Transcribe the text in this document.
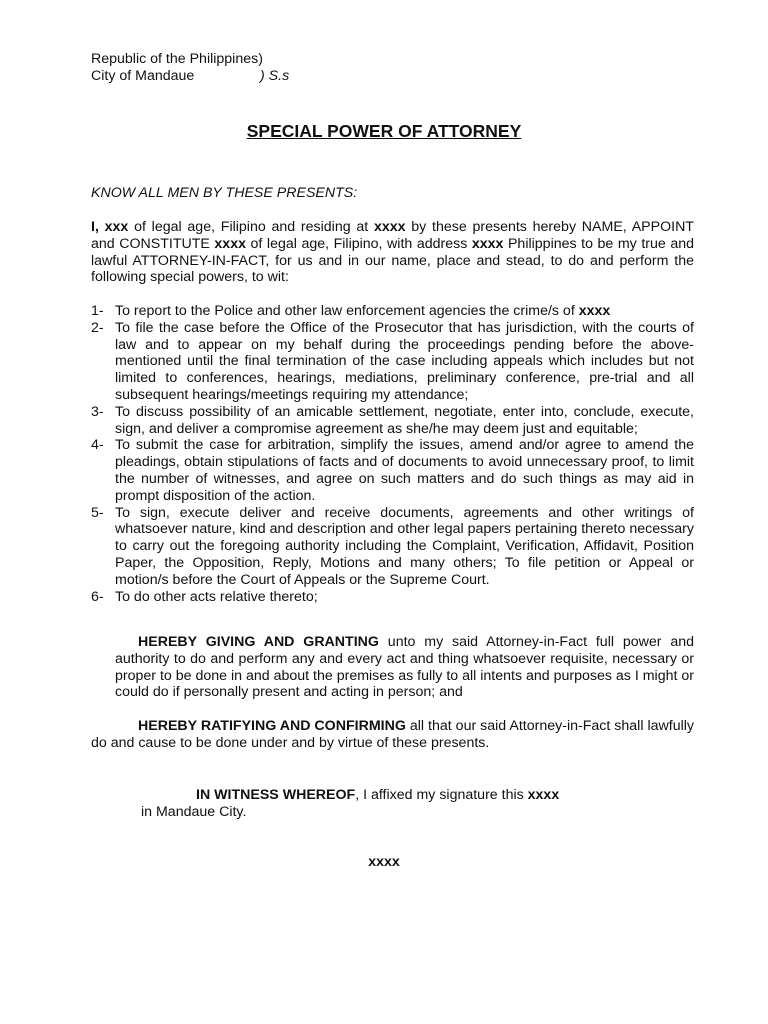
Republic of the Philippines)
City of Mandaue	) S.s
SPECIAL POWER OF ATTORNEY
KNOW ALL MEN BY THESE PRESENTS:
I, xxx of legal age, Filipino and residing at xxxx by these presents hereby NAME, APPOINT and CONSTITUTE xxxx of legal age, Filipino, with address xxxx Philippines to be my true and lawful ATTORNEY-IN-FACT, for us and in our name, place and stead, to do and perform the following special powers, to wit:
1- To report to the Police and other law enforcement agencies the crime/s of xxxx
2- To file the case before the Office of the Prosecutor that has jurisdiction, with the courts of law and to appear on my behalf during the proceedings pending before the above-mentioned until the final termination of the case including appeals which includes but not limited to conferences, hearings, mediations, preliminary conference, pre-trial and all subsequent hearings/meetings requiring my attendance;
3- To discuss possibility of an amicable settlement, negotiate, enter into, conclude, execute, sign, and deliver a compromise agreement as she/he may deem just and equitable;
4- To submit the case for arbitration, simplify the issues, amend and/or agree to amend the pleadings, obtain stipulations of facts and of documents to avoid unnecessary proof, to limit the number of witnesses, and agree on such matters and do such things as may aid in prompt disposition of the action.
5- To sign, execute deliver and receive documents, agreements and other writings of whatsoever nature, kind and description and other legal papers pertaining thereto necessary to carry out the foregoing authority including the Complaint, Verification, Affidavit, Position Paper, the Opposition, Reply, Motions and many others; To file petition or Appeal or motion/s before the Court of Appeals or the Supreme Court.
6- To do other acts relative thereto;
HEREBY GIVING AND GRANTING unto my said Attorney-in-Fact full power and authority to do and perform any and every act and thing whatsoever requisite, necessary or proper to be done in and about the premises as fully to all intents and purposes as I might or could do if personally present and acting in person; and
HEREBY RATIFYING AND CONFIRMING all that our said Attorney-in-Fact shall lawfully do and cause to be done under and by virtue of these presents.
IN WITNESS WHEREOF, I affixed my signature this xxxx
in Mandaue City.
xxxx
